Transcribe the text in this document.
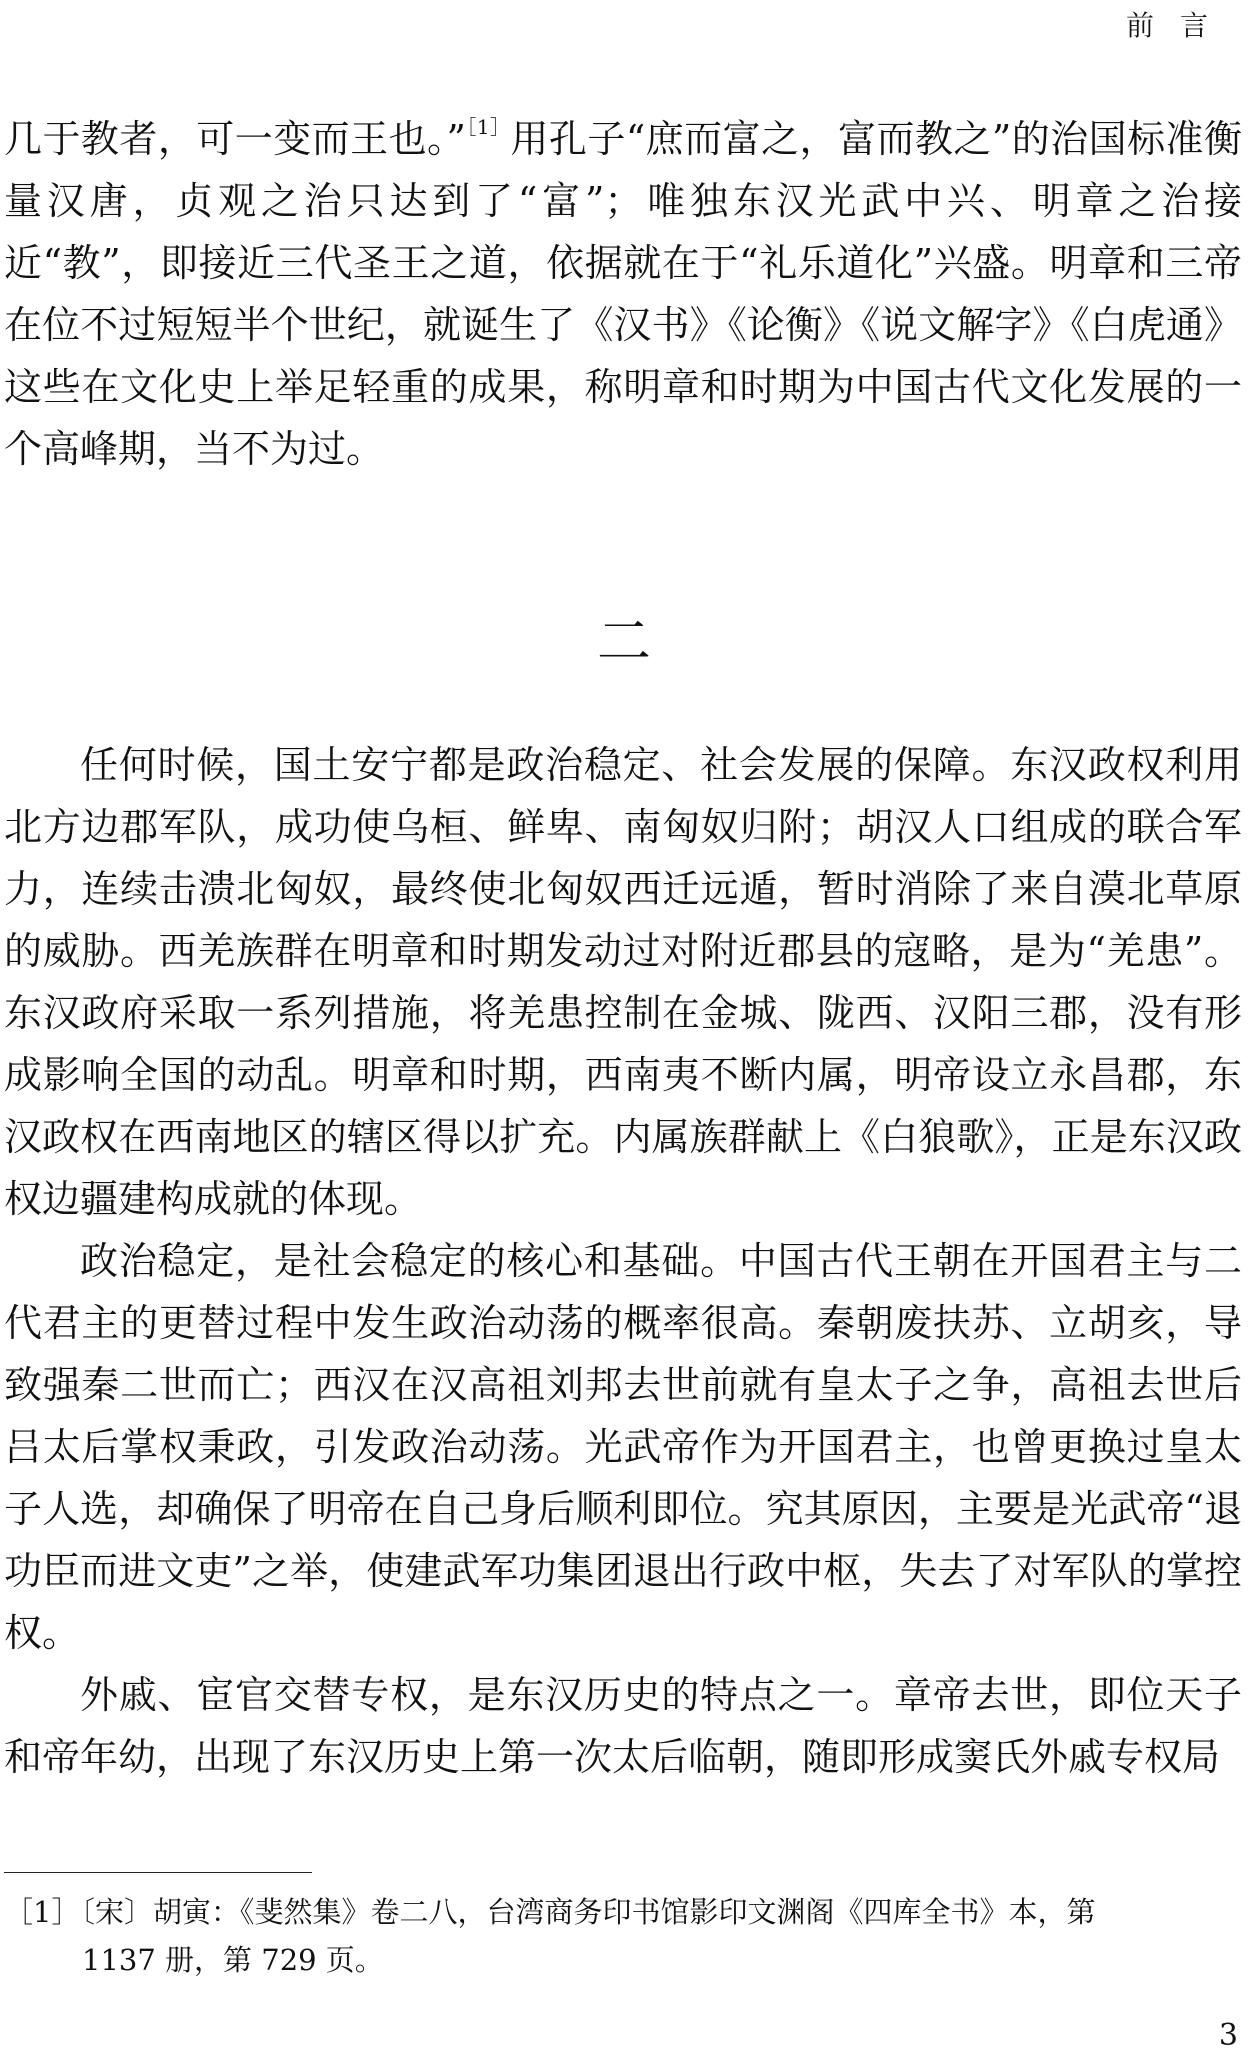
前言

几于教者，可一变而王也。”$^{[1]}$用孔子“庶而富之，富而教之”的治国标准衡量汉唐，贞观之治只达到了“富”；唯独东汉光武中兴、明章之治接近“教”，即接近三代圣王之道，依据就在于“礼乐道化”兴盛。明章和三帝在位不过短短半个世纪，就诞生了《汉书》《论衡》《说文解字》《白虎通》这些在文化史上举足轻重的成果，称明章和时期为中国古代文化发展的一个高峰期，当不为过。

二

任何时候，国土安宁都是政治稳定、社会发展的保障。东汉政权利用北方边郡军队，成功使乌桓、鲜卑、南匈奴归附；胡汉人口组成的联合军力，连续击溃北匈奴，最终使北匈奴西迁远遁，暂时消除了来自漠北草原的威胁。西羌族群在明章和时期发动过对附近郡县的寇略，是为“羌患”。东汉政府采取一系列措施，将羌患控制在金城、陇西、汉阳三郡，没有形成影响全国的动乱。明章和时期，西南夷不断内属，明帝设立永昌郡，东汉政权在西南地区的辖区得以扩充。内属族群献上《白狼歌》，正是东汉政权边疆建构成就的体现。

政治稳定，是社会稳定的核心和基础。中国古代王朝在开国君主与二代君主的更替过程中发生政治动荡的概率很高。秦朝废扶苏、立胡亥，导致强秦二世而亡；西汉在汉高祖刘邦去世前就有皇太子之争，高祖去世后吕太后掌权秉政，引发政治动荡。光武帝作为开国君主，也曾更换过皇太子人选，却确保了明帝在自己身后顺利即位。究其原因，主要是光武帝“退功臣而进文吏”之举，使建武军功集团退出行政中枢，失去了对军队的掌控权。

外戚、宦官交替专权，是东汉历史的特点之一。章帝去世，即位天子和帝年幼，出现了东汉历史上第一次太后临朝，随即形成窦氏外戚专权局

［1］〔宋〕胡寅：《斐然集》卷二八，台湾商务印书馆影印文渊阁《四库全书》本，第
1137 册，第 729 页。
3
